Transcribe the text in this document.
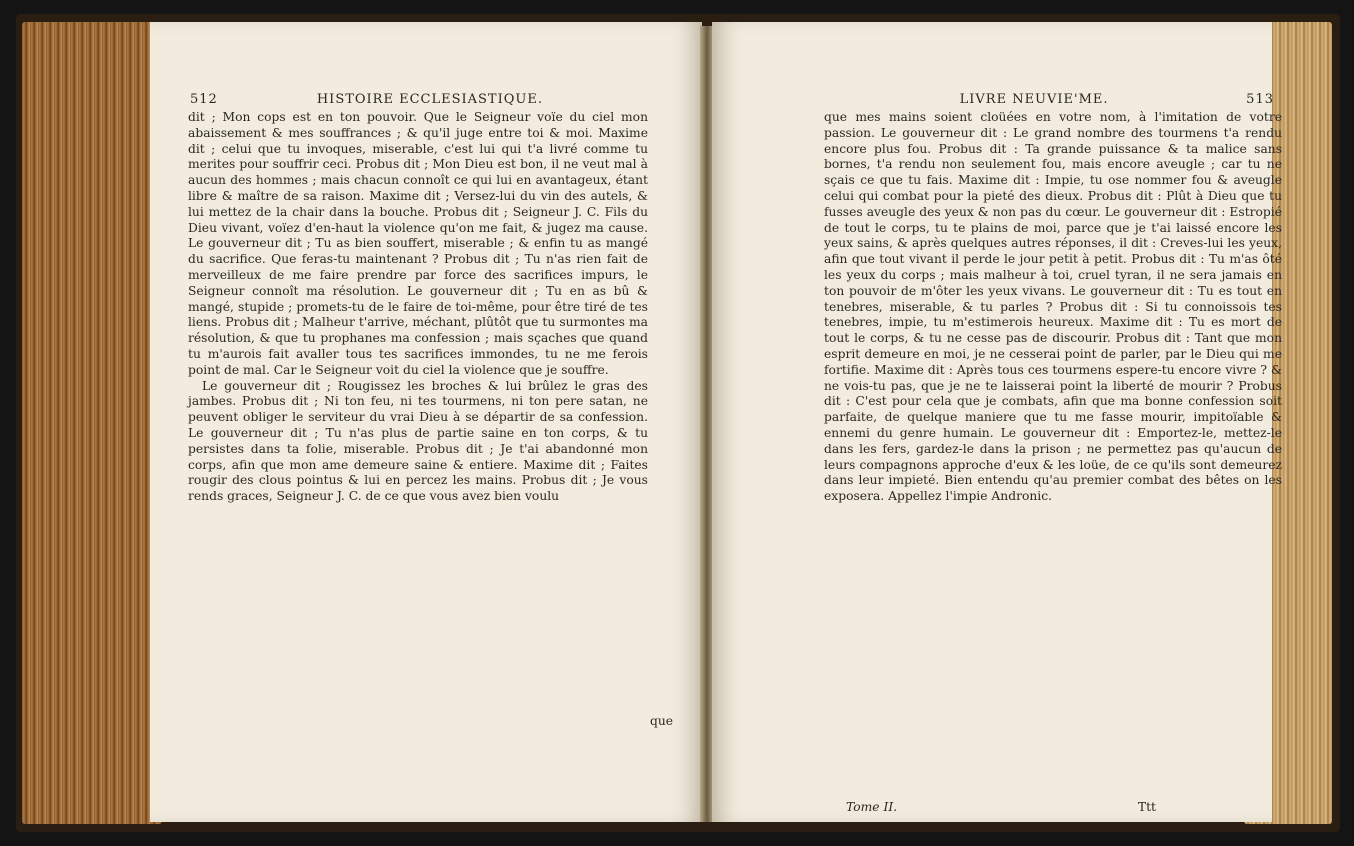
512	HISTOIRE ECCLESIASTIQUE.

dit ; Mon cops est en ton pouvoir. Que le Seigneur voïe du ciel mon abaissement & mes souffrances ; & qu'il juge entre toi & moi. Maxime dit ; celui que tu invoques, miserable, c'est lui qui t'a livré comme tu merites pour souffrir ceci. Probus dit ; Mon Dieu est bon, il ne veut mal à aucun des hommes ; mais chacun connoît ce qui lui en avantageux, étant libre & maître de sa raison. Maxime dit ; Versez-lui du vin des autels, & lui mettez de la chair dans la bouche. Probus dit ; Seigneur J. C. Fils du Dieu vivant, voïez d'en-haut la violence qu'on me fait, & jugez ma cause. Le gouverneur dit ; Tu as bien souffert, miserable ; & enfin tu as mangé du sacrifice. Que feras-tu maintenant ? Probus dit ; Tu n'as rien fait de merveilleux de me faire prendre par force des sacrifices impurs, le Seigneur connoît ma résolution. Le gouverneur dit ; Tu en as bû & mangé, stupide ; promets-tu de le faire de toi-même, pour être tiré de tes liens. Probus dit ; Malheur t'arrive, méchant, plûtôt que tu surmontes ma résolution, & que tu prophanes ma confession ; mais sçaches que quand tu m'aurois fait avaller tous tes sacrifices immondes, tu ne me ferois point de mal. Car le Seigneur voit du ciel la violence que je souffre.

Le gouverneur dit ; Rougissez les broches & lui brûlez le gras des jambes. Probus dit ; Ni ton feu, ni tes tourmens, ni ton pere satan, ne peuvent obliger le serviteur du vrai Dieu à se départir de sa confession. Le gouverneur dit ; Tu n'as plus de partie saine en ton corps, & tu persistes dans ta folie, miserable. Probus dit ; Je t'ai abandonné mon corps, afin que mon ame demeure saine & entiere. Maxime dit ; Faites rougir des clous pointus & lui en percez les mains. Probus dit ; Je vous rends graces, Seigneur J. C. de ce que vous avez bien voulu

que
LIVRE NEUVIE'ME.	513

que mes mains soient cloüées en votre nom, à l'imitation de votre passion. Le gouverneur dit : Le grand nombre des tourmens t'a rendu encore plus fou. Probus dit : Ta grande puissance & ta malice sans bornes, t'a rendu non seulement fou, mais encore aveugle ; car tu ne sçais ce que tu fais. Maxime dit : Impie, tu ose nommer fou & aveugle celui qui combat pour la pieté des dieux. Probus dit : Plût à Dieu que tu fusses aveugle des yeux & non pas du cœur. Le gouverneur dit : Estropié de tout le corps, tu te plains de moi, parce que je t'ai laissé encore les yeux sains, & après quelques autres réponses, il dit : Creves-lui les yeux, afin que tout vivant il perde le jour petit à petit. Probus dit : Tu m'as ôté les yeux du corps ; mais malheur à toi, cruel tyran, il ne sera jamais en ton pouvoir de m'ôter les yeux vivans. Le gouverneur dit : Tu es tout en tenebres, miserable, & tu parles ? Probus dit : Si tu connoissois tes tenebres, impie, tu m'estimerois heureux. Maxime dit : Tu es mort de tout le corps, & tu ne cesse pas de discourir. Probus dit : Tant que mon esprit demeure en moi, je ne cesserai point de parler, par le Dieu qui me fortifie. Maxime dit : Après tous ces tourmens espere-tu encore vivre ? & ne vois-tu pas, que je ne te laisserai point la liberté de mourir ? Probus dit : C'est pour cela que je combats, afin que ma bonne confession soit parfaite, de quelque maniere que tu me fasse mourir, impitoïable & ennemi du genre humain. Le gouverneur dit : Emportez-le, mettez-le dans les fers, gardez-le dans la prison ; ne permettez pas qu'aucun de leurs compagnons approche d'eux & les loüe, de ce qu'ils sont demeurez dans leur impieté. Bien entendu qu'au premier combat des bêtes on les exposera. Appellez l'impie Andronic.

Tome II.	Ttt
